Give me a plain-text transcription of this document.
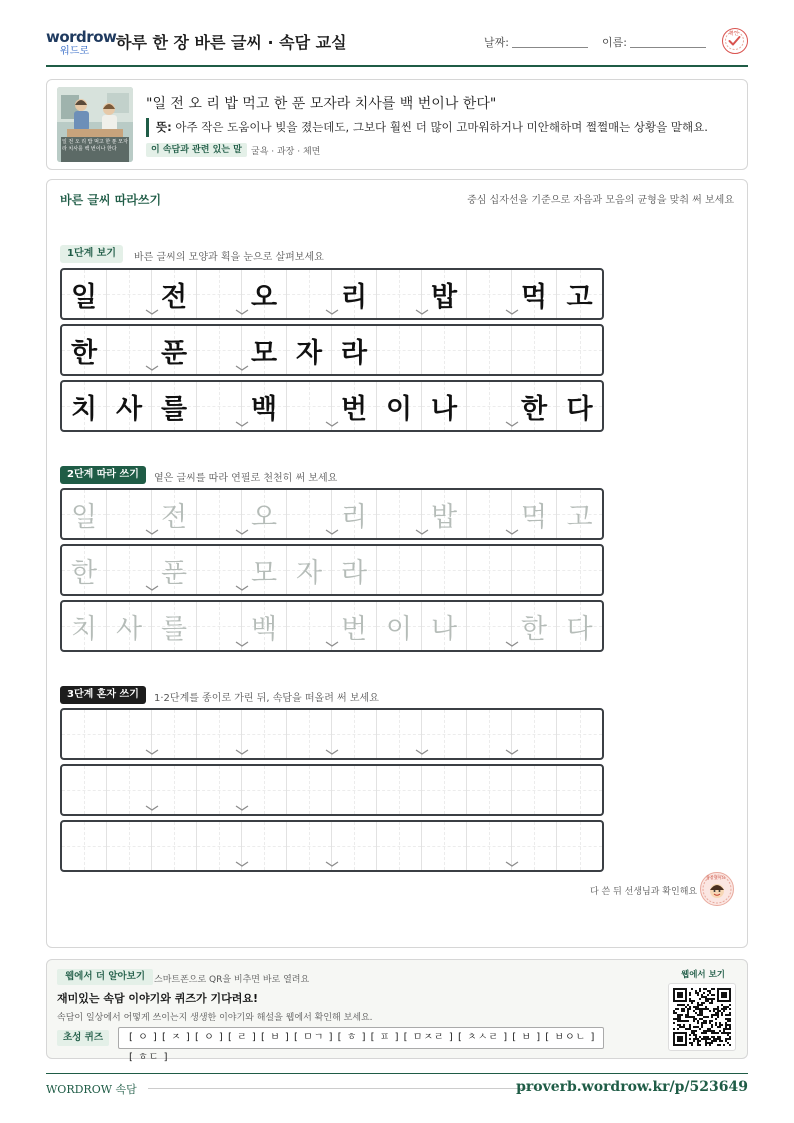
wordrow
워드로 하루 한 장 바른 글씨 · 속담 교실	날짜:	이름:
확인
일 전 오 리 밥 먹고 한 푼 모자라 치사를 백 번이나 한다
"일 전 오 리 밥 먹고 한 푼 모자라 치사를 백 번이나 한다"
뜻: 아주 작은 도움이나 빚을 졌는데도, 그보다 훨씬 더 많이 고마워하거나 미안해하며 쩔쩔매는 상황을 말해요.
이 속담과 관련 있는 말	굴욕 · 과장 · 체면
바른 글씨 따라쓰기	중심 십자선을 기준으로 자음과 모음의 균형을 맞춰 써 보세요
1단계 보기	바른 글씨의 모양과 획을 눈으로 살펴보세요
2단계 따라 쓰기	옅은 글씨를 따라 연필로 천천히 써 보세요
3단계 혼자 쓰기	1·2단계를 종이로 가린 뒤, 속담을 떠올려 써 보세요
일 전 오 리 밥 먹 고
한 푼 모 자 라
치 사 를 백 번 이 나 한 다
일 전 오 리 밥 먹 고
한 푼 모 자 라
치 사 를 백 번 이 나 한 다
다 쓴 뒤 선생님과 확인해요
참잘했어요
웹에서 더 알아보기 스마트폰으로 QR을 비추면 바로 열려요
재미있는 속담 이야기와 퀴즈가 기다려요!
속담이 일상에서 어떻게 쓰이는지 생생한 이야기와 해설을 웹에서 확인해 보세요.
초성 퀴즈	[ ㅇ ] [ ㅈ ] [ ㅇ ] [ ㄹ ] [ ㅂ ] [ ㅁㄱ ] [ ㅎ ] [ ㅍ ] [ ㅁㅈㄹ ] [ ㅊㅅㄹ ] [ ㅂ ] [ ㅂㅇㄴ ] [ ㅎㄷ ]
웹에서 보기
WORDROW 속담	proverb.wordrow.kr/p/523649
